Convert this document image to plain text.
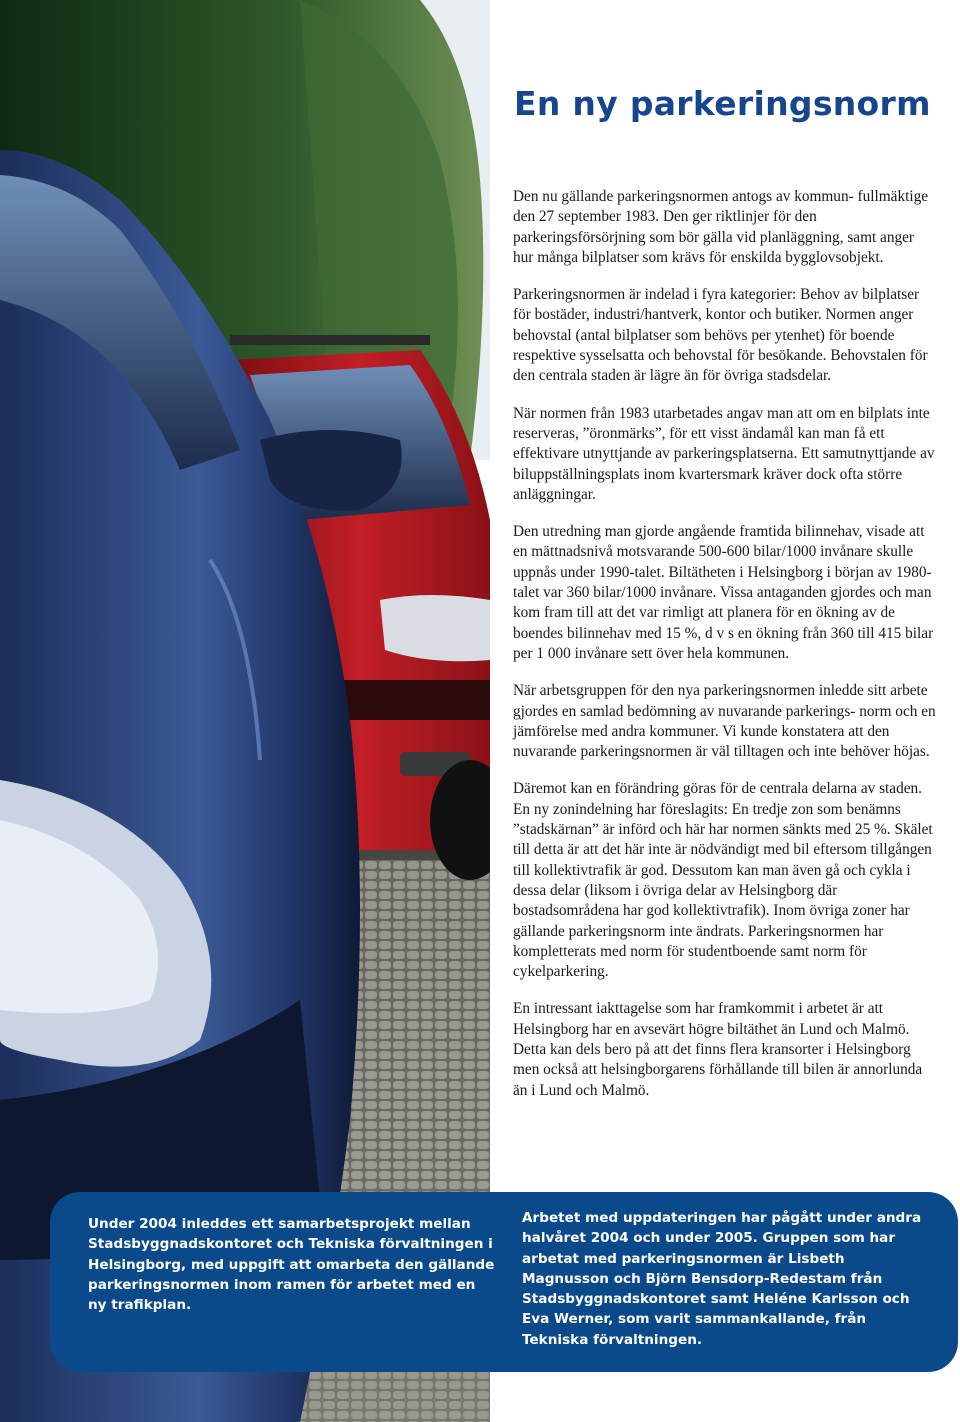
En ny parkeringsnorm

Den nu gällande parkeringsnormen antogs av kommun- fullmäktige den 27 september 1983. Den ger riktlinjer för den parkeringsförsörjning som bör gälla vid planläggning, samt anger hur många bilplatser som krävs för enskilda bygglovsobjekt.

Parkeringsnormen är indelad i fyra kategorier: Behov av bilplatser för bostäder, industri/hantverk, kontor och butiker. Normen anger behovstal (antal bilplatser som behövs per ytenhet) för boende respektive sysselsatta och behovstal för besökande. Behovstalen för den centrala staden är lägre än för övriga stadsdelar.

När normen från 1983 utarbetades angav man att om en bilplats inte reserveras, ”öronmärks”, för ett visst ändamål kan man få ett effektivare utnyttjande av parkeringsplatserna. Ett samutnyttjande av biluppställningsplats inom kvartersmark kräver dock ofta större anläggningar.

Den utredning man gjorde angående framtida bilinnehav, visade att en mättnadsnivå motsvarande 500-600 bilar/1000 invånare skulle uppnås under 1990-talet. Biltätheten i Helsingborg i början av 1980-talet var 360 bilar/1000 invånare. Vissa antaganden gjordes och man kom fram till att det var rimligt att planera för en ökning av de boendes bilinnehav med 15 %, d v s en ökning från 360 till 415 bilar per 1 000 invånare sett över hela kommunen.

När arbetsgruppen för den nya parkeringsnormen inledde sitt arbete gjordes en samlad bedömning av nuvarande parkerings- norm och en jämförelse med andra kommuner. Vi kunde konstatera att den nuvarande parkeringsnormen är väl tilltagen och inte behöver höjas.

Däremot kan en förändring göras för de centrala delarna av staden. En ny zonindelning har föreslagits: En tredje zon som benämns ”stadskärnan” är införd och här har normen sänkts med 25 %. Skälet till detta är att det här inte är nödvändigt med bil eftersom tillgången till kollektivtrafik är god. Dessutom kan man även gå och cykla i dessa delar (liksom i övriga delar av Helsingborg där bostadsområdena har god kollektivtrafik). Inom övriga zoner har gällande parkeringsnorm inte ändrats. Parkeringsnormen har kompletterats med norm för studentboende samt norm för cykelparkering.

En intressant iakttagelse som har framkommit i arbetet är att Helsingborg har en avsevärt högre biltäthet än Lund och Malmö. Detta kan dels bero på att det finns flera kransorter i Helsingborg men också att helsingborgarens förhållande till bilen är annorlunda än i Lund och Malmö.

Under 2004 inleddes ett samarbetsprojekt mellan Stadsbyggnadskontoret och Tekniska förvaltningen i Helsingborg, med uppgift att omarbeta den gällande parkeringsnormen inom ramen för arbetet med en ny trafikplan.
Arbetet med uppdateringen har pågått under andra halvåret 2004 och under 2005. Gruppen som har arbetat med parkeringsnormen är Lisbeth Magnusson och Björn Bensdorp-Redestam från Stadsbyggnadskontoret samt Heléne Karlsson och Eva Werner, som varit sammankallande, från Tekniska förvaltningen.
